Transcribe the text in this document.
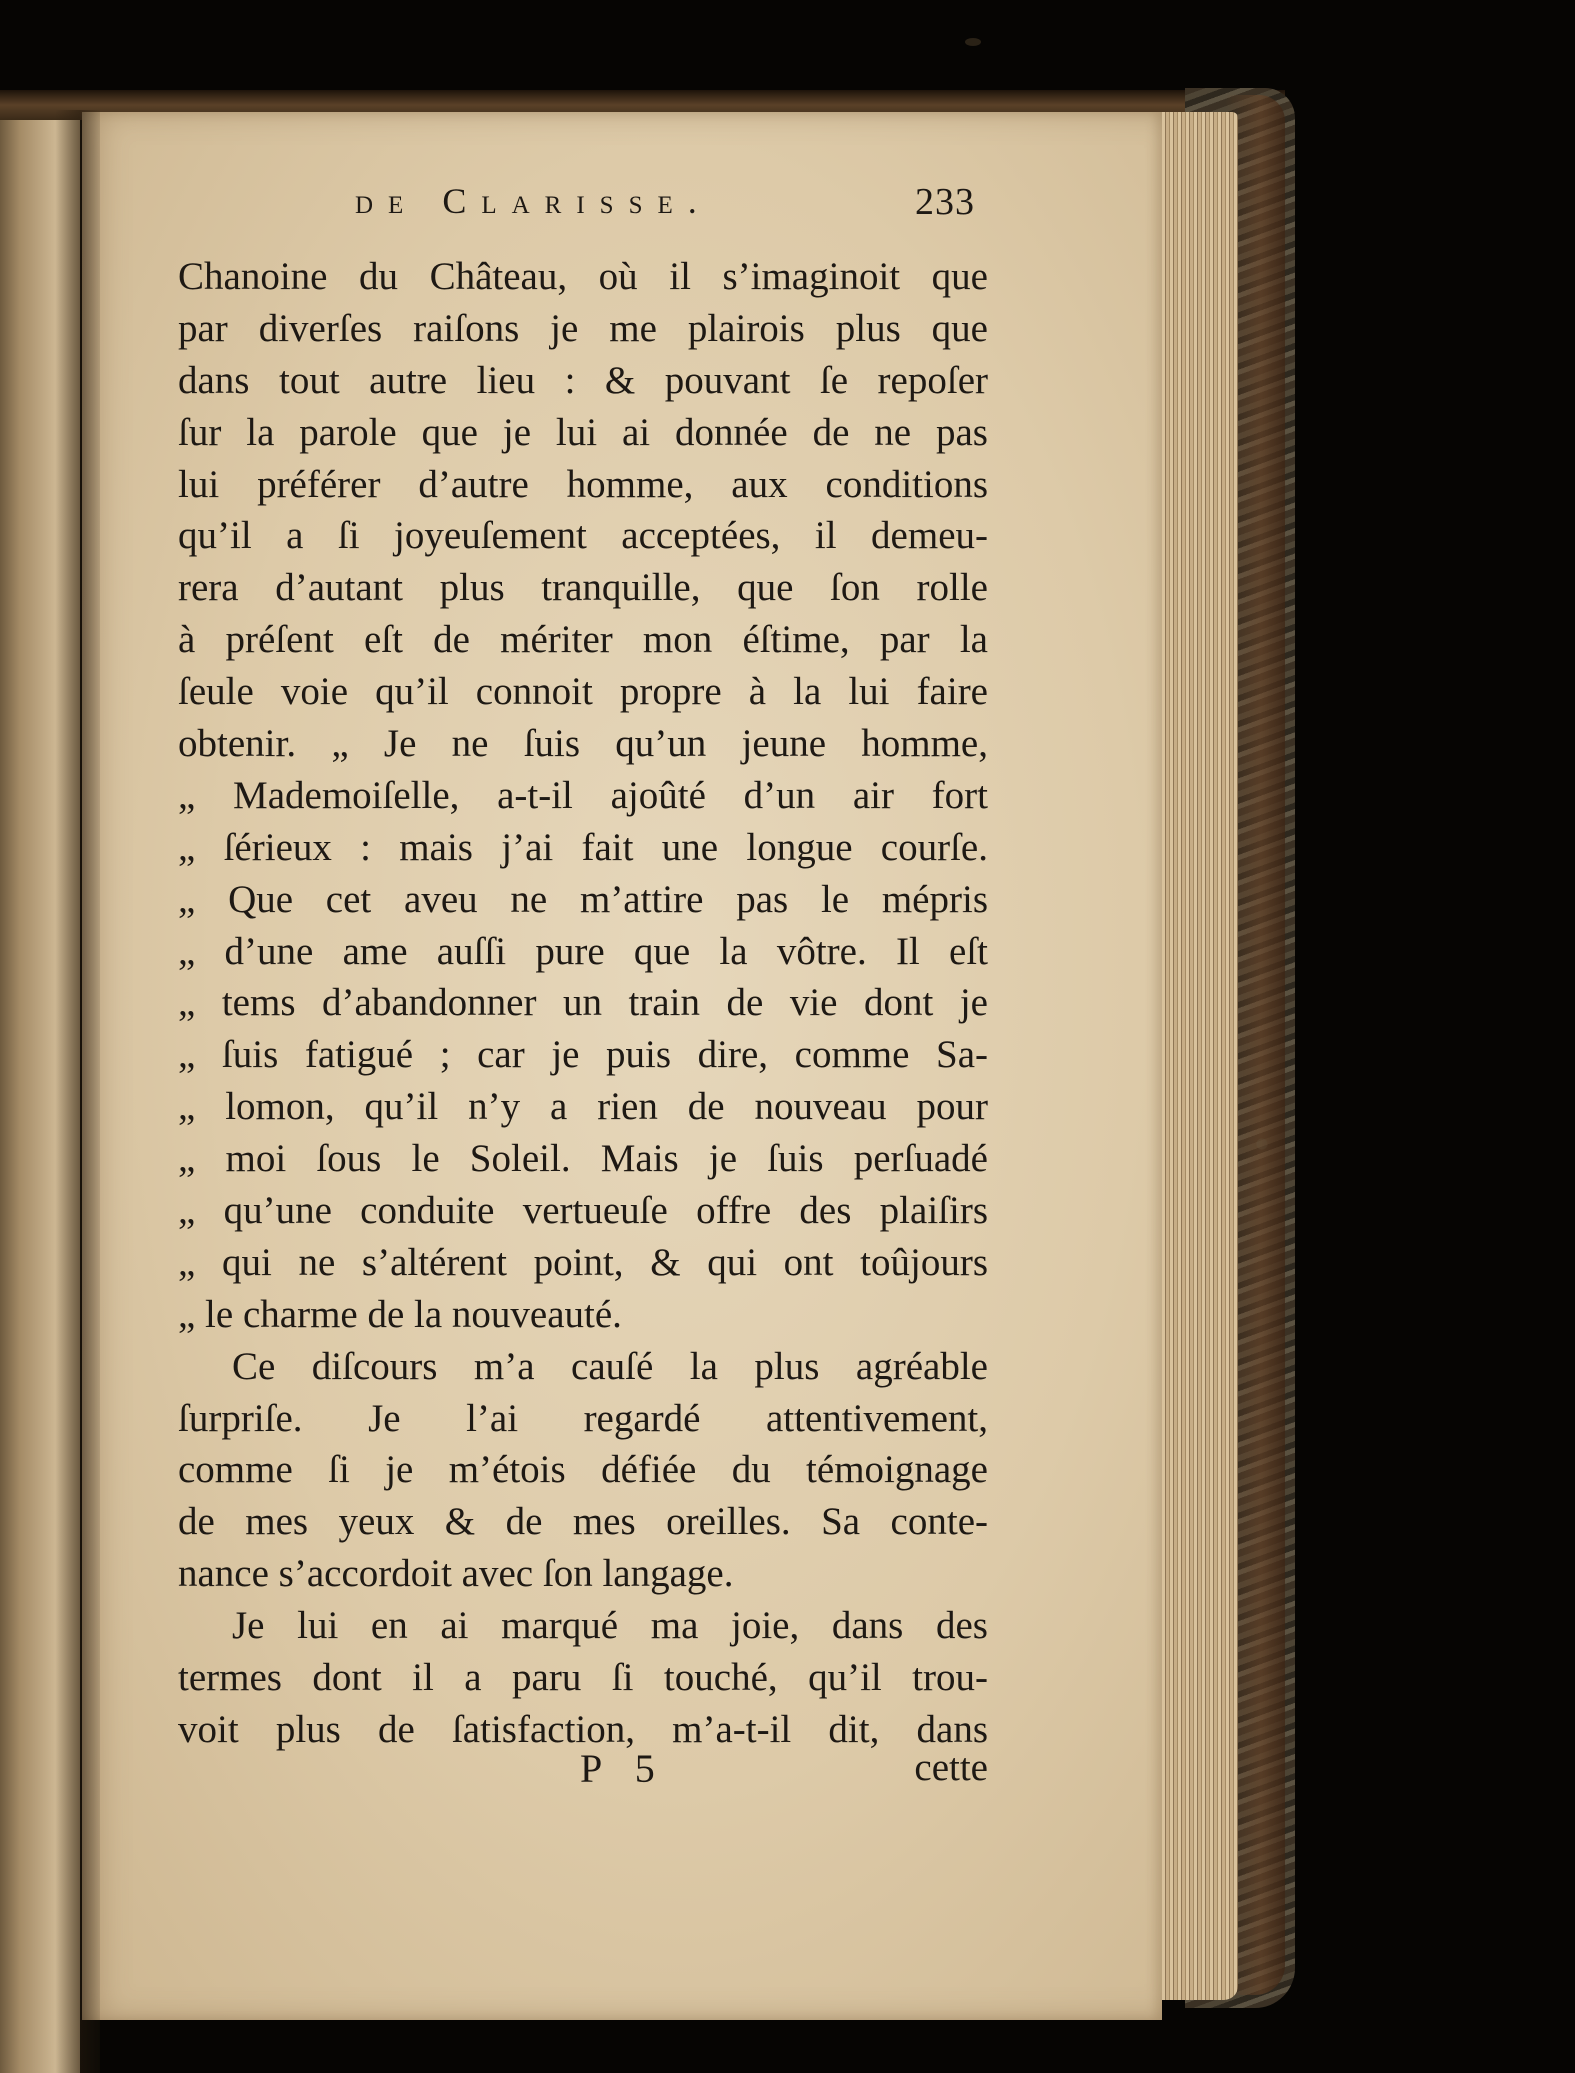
de Clarisse.	233
Chanoine du Château, où il s’imaginoit que
par diverſes raiſons je me plairois plus que
dans tout autre lieu : & pouvant ſe repoſer
ſur la parole que je lui ai donnée de ne pas
lui préférer d’autre homme, aux conditions
qu’il a ſi joyeuſement acceptées, il demeu-
rera d’autant plus tranquille, que ſon rolle
à préſent eſt de mériter mon éſtime, par la
ſeule voie qu’il connoit propre à la lui faire
obtenir. „ Je ne ſuis qu’un jeune homme,
„ Mademoiſelle, a-t-il ajoûté d’un air fort
„ ſérieux : mais j’ai fait une longue courſe.
„ Que cet aveu ne m’attire pas le mépris
„ d’une ame auſſi pure que la vôtre. Il eſt
„ tems d’abandonner un train de vie dont je
„ ſuis fatigué ; car je puis dire, comme Sa-
„ lomon, qu’il n’y a rien de nouveau pour
„ moi ſous le Soleil. Mais je ſuis perſuadé
„ qu’une conduite vertueuſe offre des plaiſirs
„ qui ne s’altérent point, & qui ont toûjours
„ le charme de la nouveauté.
Ce diſcours m’a cauſé la plus agréable
ſurpriſe. Je l’ai regardé attentivement,
comme ſi je m’étois défiée du témoignage
de mes yeux & de mes oreilles. Sa conte-
nance s’accordoit avec ſon langage.
Je lui en ai marqué ma joie, dans des
termes dont il a paru ſi touché, qu’il trou-
voit plus de ſatisfaction, m’a-t-il dit, dans
P 5	cette
